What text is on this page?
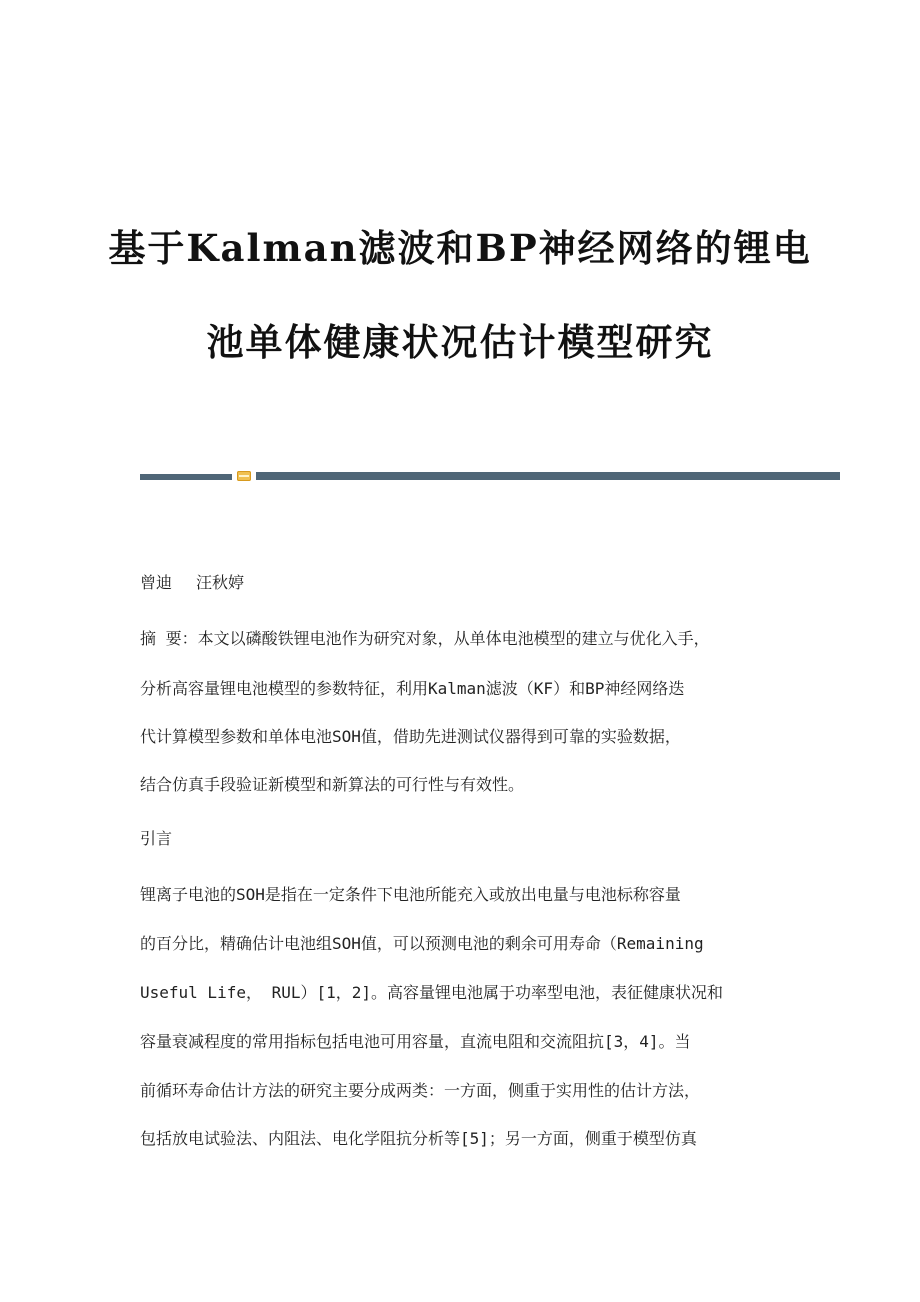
基于Kalman滤波和BP神经网络的锂电
池单体健康状况估计模型研究
曾迪 汪秋婷
摘 要：本文以磷酸铁锂电池作为研究对象，从单体电池模型的建立与优化入手，
分析高容量锂电池模型的参数特征，利用Kalman滤波（KF）和BP神经网络迭
代计算模型参数和单体电池SOH值，借助先进测试仪器得到可靠的实验数据，
结合仿真手段验证新模型和新算法的可行性与有效性。
引言
锂离子电池的SOH是指在一定条件下电池所能充入或放出电量与电池标称容量
的百分比，精确估计电池组SOH值，可以预测电池的剩余可用寿命（Remaining
Useful Life， RUL）[1，2]。高容量锂电池属于功率型电池，表征健康状况和
容量衰减程度的常用指标包括电池可用容量，直流电阻和交流阻抗[3，4]。当
前循环寿命估计方法的研究主要分成两类：一方面，侧重于实用性的估计方法，
包括放电试验法、内阻法、电化学阻抗分析等[5]；另一方面，侧重于模型仿真
